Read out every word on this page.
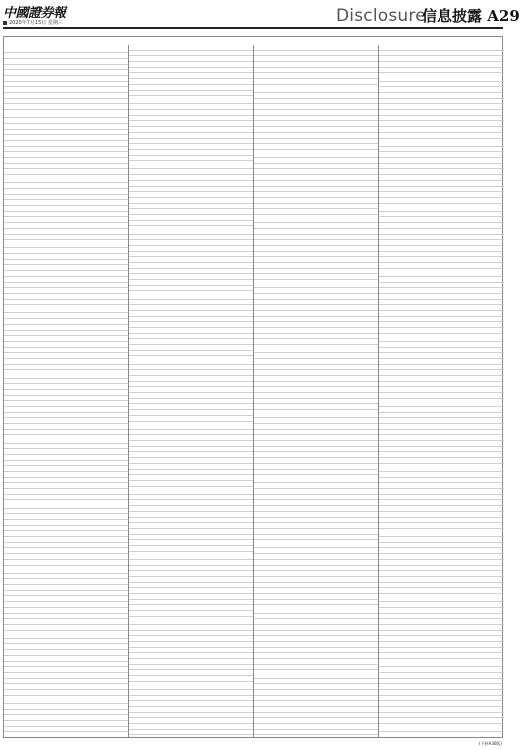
中國證券報
2020年7月15日 星期三	Disclosure
信息披露 A29
(下转A30版)
